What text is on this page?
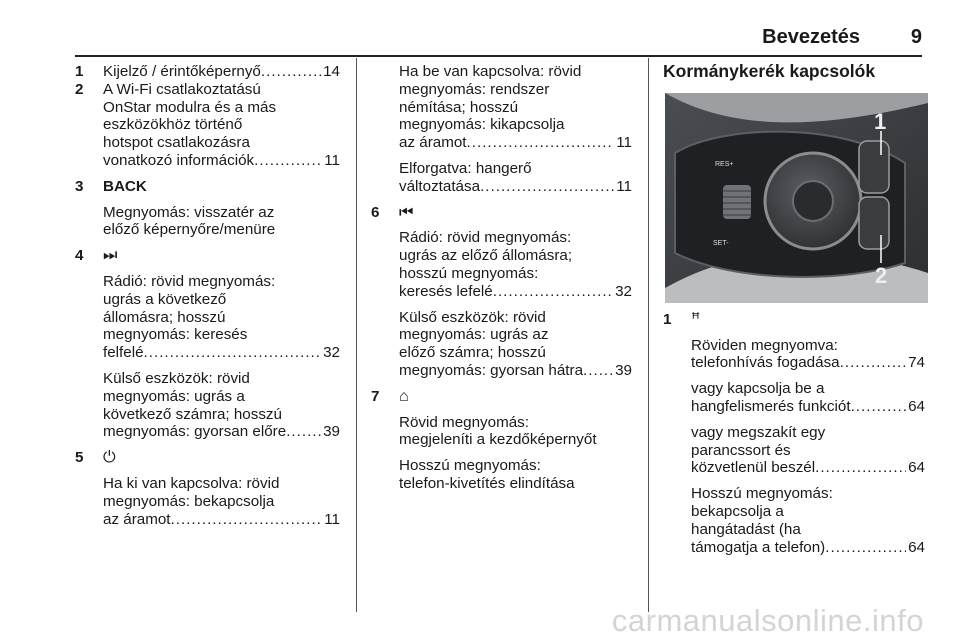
Bevezetés	9
1 Kijelző / érintőképernyő .....	14
2 A Wi-Fi csatlakoztatású

OnStar modulra és a más

eszközökhöz történő

hotspot csatlakozásra

vonatkozó információk .....	11
3 BACK

Megnyomás: visszatér az

előző képernyőre/menüre

4 ⏭

Rádió: rövid megnyomás:

ugrás a következő

állomásra; hosszú

megnyomás: keresés

felfelé .....	32

Külső eszközök: rövid

megnyomás: ugrás a

következő számra; hosszú

megnyomás: gyorsan előre ..... 39
5 ⏻

Ha ki van kapcsolva: rövid

megnyomás: bekapcsolja

az áramot .....	11

Ha be van kapcsolva: rövid

megnyomás: rendszer

némítása; hosszú

megnyomás: kikapcsolja

az áramot .....	11

Elforgatva: hangerő

változtatása .....	11
6 ⏮

Rádió: rövid megnyomás:

ugrás az előző állomásra;

hosszú megnyomás:

keresés lefelé .....	32

Külső eszközök: rövid

megnyomás: ugrás az

előző számra; hosszú

megnyomás: gyorsan hátra ..... 39
7 ⌂

Rövid megnyomás:

megjeleníti a kezdőképernyőt

Hosszú megnyomás:

telefon-kivetítés elindítása

Kormánykerék kapcsolók

RES+
SET-
1
2
1 ꟸ

Röviden megnyomva:

telefonhívás fogadása .....	74

vagy kapcsolja be a

hangfelismerés funkciót .....	64

vagy megszakít egy

parancssort és

közvetlenül beszél .....	64

Hosszú megnyomás:

bekapcsolja a

hangátadást (ha

támogatja a telefon) .....	64
carmanualsonline.info
